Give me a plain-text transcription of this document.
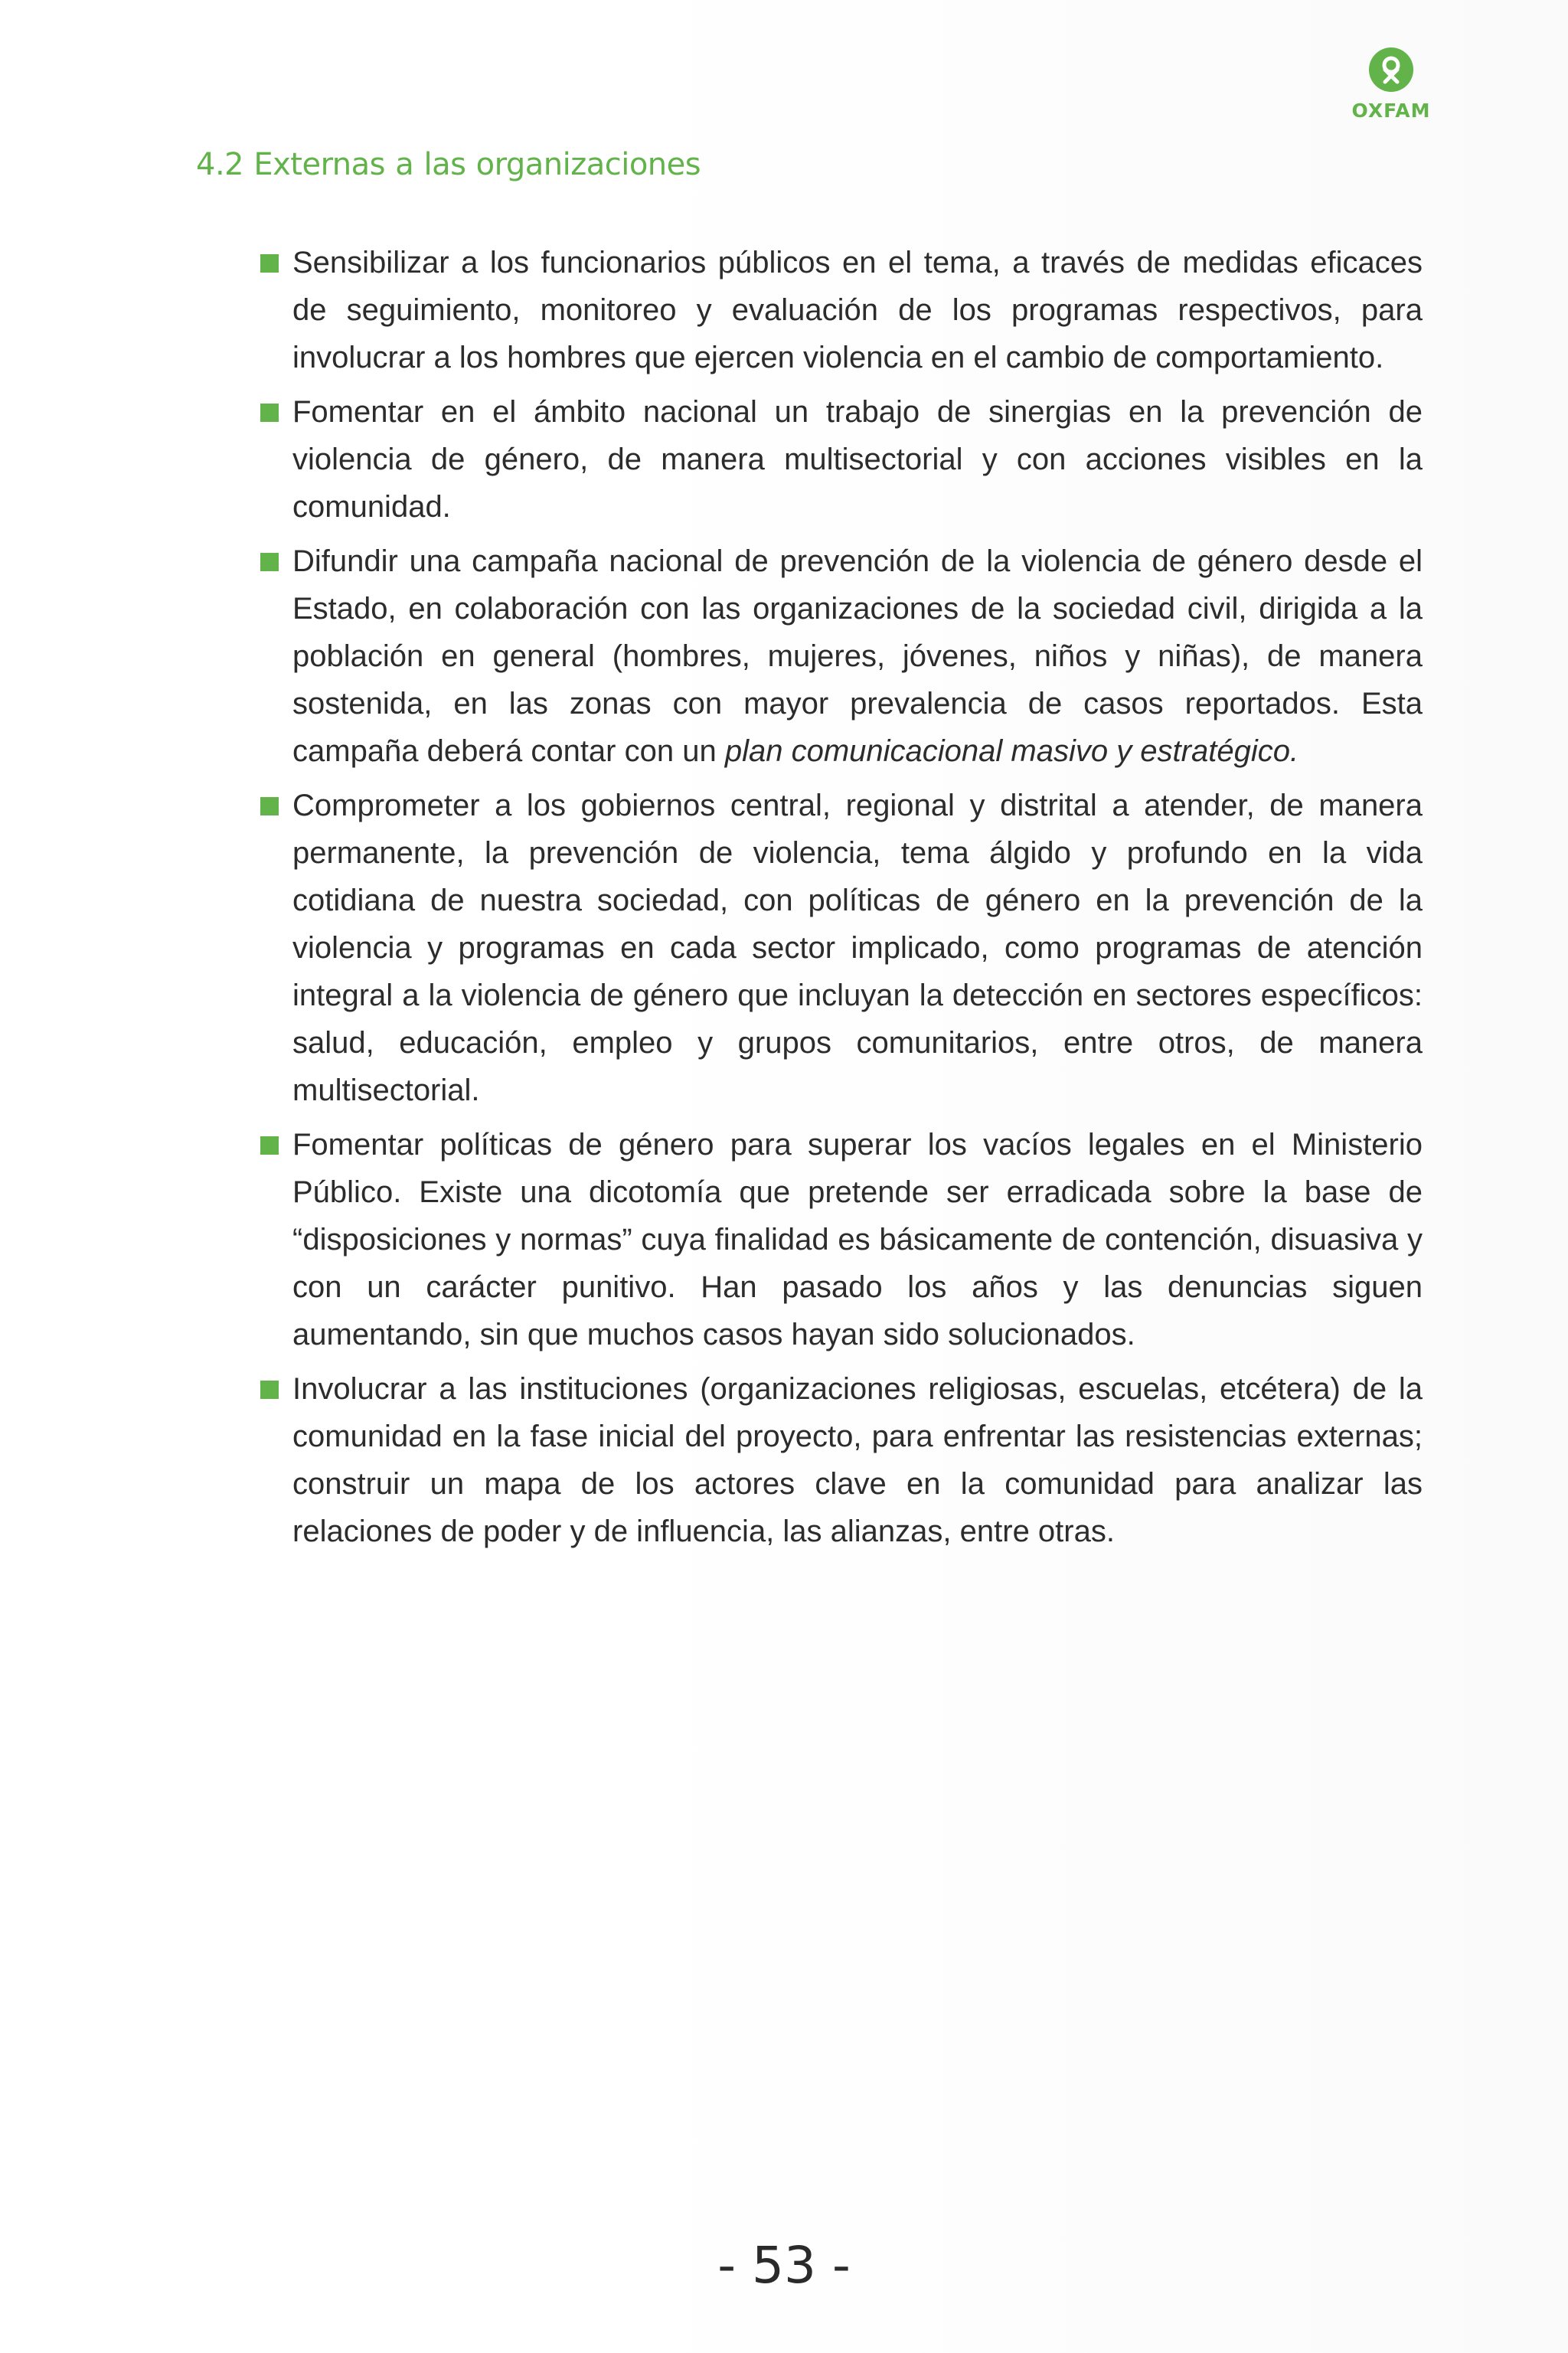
OXFAM
4.2 Externas a las organizaciones
Sensibilizar a los funcionarios públicos en el tema, a través de medidas eficaces de seguimiento, monitoreo y evaluación de los programas respectivos, para involucrar a los hombres que ejercen violencia en el cambio de comportamiento.
Fomentar en el ámbito nacional un trabajo de sinergias en la prevención de violencia de género, de manera multisectorial y con acciones visibles en la comunidad.
Difundir una campaña nacional de prevención de la violencia de género desde el Estado, en colaboración con las organizaciones de la sociedad civil, dirigida a la población en general (hombres, mujeres, jóvenes, niños y niñas), de manera sostenida, en las zonas con mayor prevalencia de casos reportados. Esta campaña deberá contar con un plan comunicacional masivo y estratégico.
Comprometer a los gobiernos central, regional y distrital a atender, de manera permanente, la prevención de violencia, tema álgido y profundo en la vida cotidiana de nuestra sociedad, con políticas de género en la prevención de la violencia y programas en cada sector implicado, como programas de atención integral a la violencia de género que incluyan la detección en sectores específicos: salud, educación, empleo y grupos comunitarios, entre otros, de manera multisectorial.
Fomentar políticas de género para superar los vacíos legales en el Ministerio Público. Existe una dicotomía que pretende ser erradicada sobre la base de “disposiciones y normas” cuya finalidad es básicamente de contención, disuasiva y con un carácter punitivo. Han pasado los años y las denuncias siguen aumentando, sin que muchos casos hayan sido solucionados.
Involucrar a las instituciones (organizaciones religiosas, escuelas, etcétera) de la comunidad en la fase inicial del proyecto, para enfrentar las resistencias externas; construir un mapa de los actores clave en la comunidad para analizar las relaciones de poder y de influencia, las alianzas, entre otras.
- 53 -
